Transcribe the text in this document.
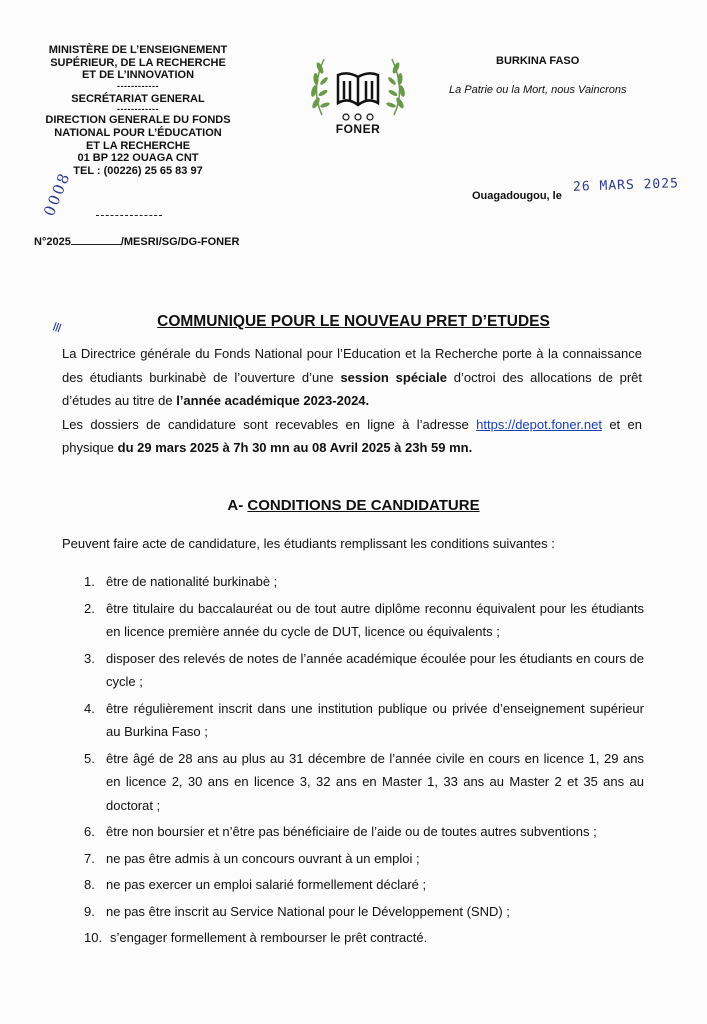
MINISTÈRE DE L’ENSEIGNEMENT
SUPÉRIEUR, DE LA RECHERCHE
ET DE L’INNOVATION
------------
SECRÉTARIAT GENERAL
------------
DIRECTION GENERALE DU FONDS
NATIONAL POUR L’ÉDUCATION
ET LA RECHERCHE
01 BP 122 OUAGA CNT
TEL : (00226) 25 65 83 97
FONER
BURKINA FASO
La Patrie ou la Mort, nous Vaincrons
Ouagadougou, le
26 MARS 2025
N°2025	/MESRI/SG/DG-FONER
0008
≡	COMMUNIQUE POUR LE NOUVEAU PRET D’ETUDES

La Directrice générale du Fonds National pour l’Education et la Recherche porte à la connaissance des étudiants burkinabè de l’ouverture d’une session spéciale d’octroi des allocations de prêt d’études au titre de l’année académique 2023-2024.

Les dossiers de candidature sont recevables en ligne à l’adresse https://depot.foner.net et en physique du 29 mars 2025 à 7h 30 mn au 08 Avril 2025 à 23h 59 mn.

A- CONDITIONS DE CANDIDATURE
Peuvent faire acte de candidature, les étudiants remplissant les conditions suivantes :
1. être de nationalité burkinabè ;
2. être titulaire du baccalauréat ou de tout autre diplôme reconnu équivalent pour les étudiants en licence première année du cycle de DUT, licence ou équivalents ;
3. disposer des relevés de notes de l’année académique écoulée pour les étudiants en cours de cycle ;
4. être régulièrement inscrit dans une institution publique ou privée d’enseignement supérieur au Burkina Faso ;
5. être âgé de 28 ans au plus au 31 décembre de l’année civile en cours en licence 1, 29 ans en licence 2, 30 ans en licence 3, 32 ans en Master 1, 33 ans au Master 2 et 35 ans au doctorat ;
6. être non boursier et n’être pas bénéficiaire de l’aide ou de toutes autres subventions ;
7. ne pas être admis à un concours ouvrant à un emploi ;
8. ne pas exercer un emploi salarié formellement déclaré ;
9. ne pas être inscrit au Service National pour le Développement (SND) ;
10. s’engager formellement à rembourser le prêt contracté.
